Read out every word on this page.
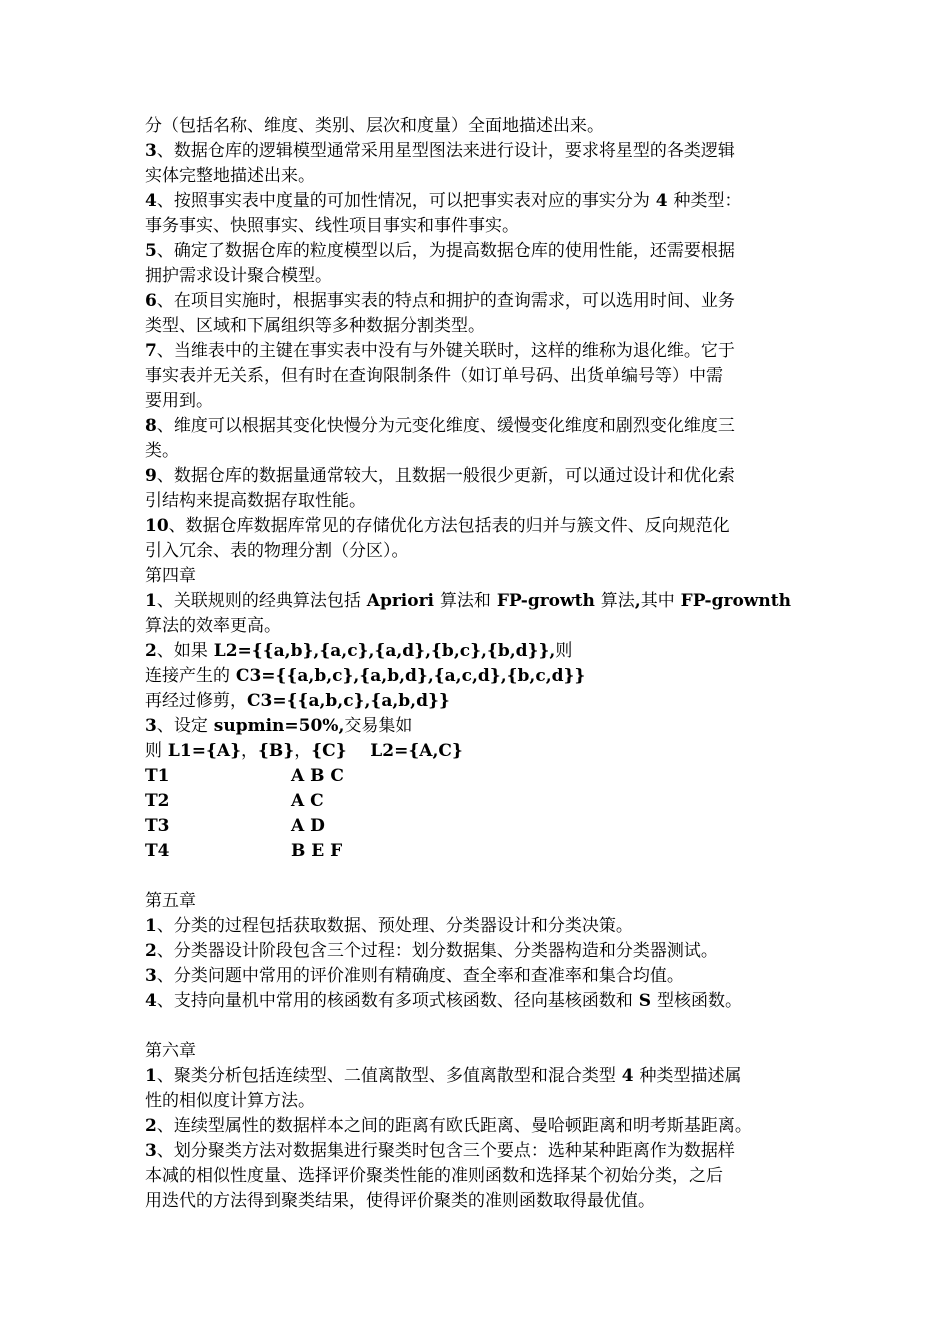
分（包括名称、维度、类别、层次和度量）全面地描述出来。
3、数据仓库的逻辑模型通常采用星型图法来进行设计，要求将星型的各类逻辑
实体完整地描述出来。
4、按照事实表中度量的可加性情况，可以把事实表对应的事实分为 4 种类型：
事务事实、快照事实、线性项目事实和事件事实。
5、确定了数据仓库的粒度模型以后，为提高数据仓库的使用性能，还需要根据
拥护需求设计聚合模型。
6、在项目实施时，根据事实表的特点和拥护的查询需求，可以选用时间、业务
类型、区域和下属组织等多种数据分割类型。
7、当维表中的主键在事实表中没有与外键关联时，这样的维称为退化维。它于
事实表并无关系，但有时在查询限制条件（如订单号码、出货单编号等）中需
要用到。
8、维度可以根据其变化快慢分为元变化维度、缓慢变化维度和剧烈变化维度三
类。
9、数据仓库的数据量通常较大，且数据一般很少更新，可以通过设计和优化索
引结构来提高数据存取性能。
10、数据仓库数据库常见的存储优化方法包括表的归并与簇文件、反向规范化
引入冗余、表的物理分割（分区）。
第四章
1、关联规则的经典算法包括 Apriori 算法和 FP-growth 算法,其中 FP-grownth
算法的效率更高。
2、如果 L2={{a,b},{a,c},{a,d},{b,c},{b,d}},则
连接产生的 C3={{a,b,c},{a,b,d},{a,c,d},{b,c,d}}
再经过修剪，C3={{a,b,c},{a,b,d}}
3、设定 supmin=50%,交易集如
则 L1={A}，{B}，{C}    L2={A,C}
T1	A B C
T2	A C
T3	A D
T4	B E F
第五章
1、分类的过程包括获取数据、预处理、分类器设计和分类决策。
2、分类器设计阶段包含三个过程：划分数据集、分类器构造和分类器测试。
3、分类问题中常用的评价准则有精确度、查全率和查准率和集合均值。
4、支持向量机中常用的核函数有多项式核函数、径向基核函数和 S 型核函数。
第六章
1、聚类分析包括连续型、二值离散型、多值离散型和混合类型 4 种类型描述属
性的相似度计算方法。
2、连续型属性的数据样本之间的距离有欧氏距离、曼哈顿距离和明考斯基距离。
3、划分聚类方法对数据集进行聚类时包含三个要点：选种某种距离作为数据样
本减的相似性度量、选择评价聚类性能的准则函数和选择某个初始分类，之后
用迭代的方法得到聚类结果，使得评价聚类的准则函数取得最优值。
